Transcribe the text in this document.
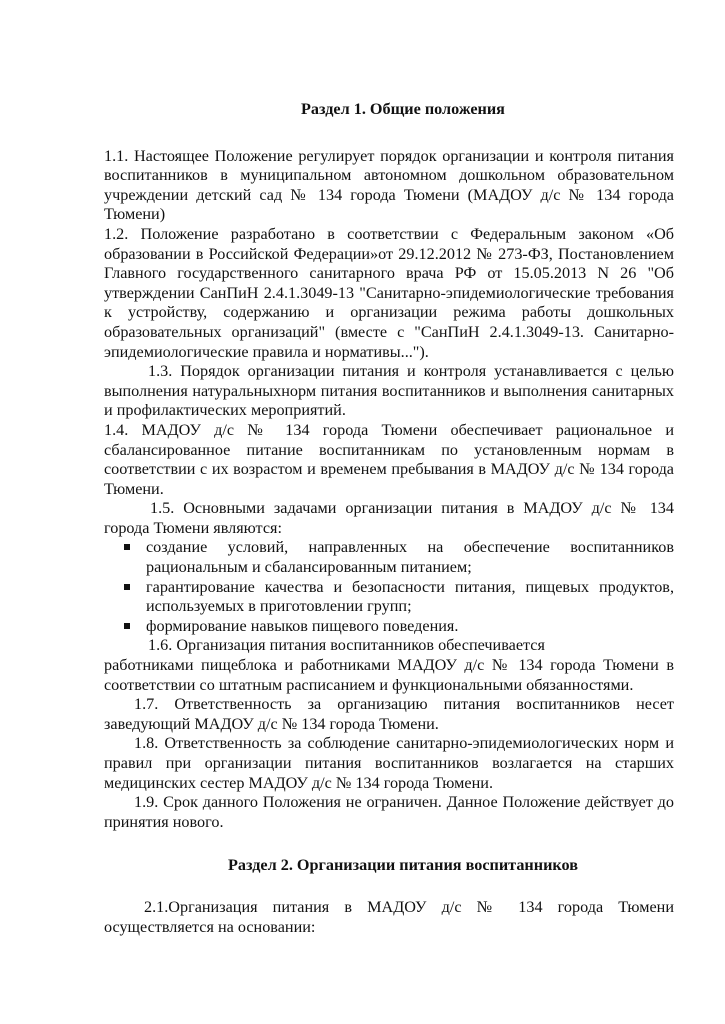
Раздел 1. Общие положения

1.1. Настоящее Положение регулирует порядок организации и контроля питания воспитанников в муниципальном автономном дошкольном образовательном учреждении детский сад № 134 города Тюмени (МАДОУ д/с № 134 города Тюмени)

1.2. Положение разработано в соответствии с Федеральным законом «Об образовании в Российской Федерации»от 29.12.2012 № 273-ФЗ, Постановлением Главного государственного санитарного врача РФ от 15.05.2013 N 26 "Об утверждении СанПиН 2.4.1.3049-13 "Санитарно-эпидемиологические требования к устройству, содержанию и организации режима работы дошкольных образовательных организаций" (вместе с "СанПиН 2.4.1.3049-13. Санитарно-эпидемиологические правила и нормативы...").

1.3. Порядок организации питания и контроля устанавливается с целью выполнения натуральныхнорм питания воспитанников и выполнения санитарных и профилактических мероприятий.

1.4. МАДОУ д/с № 134 города Тюмени обеспечивает рациональное и сбалансированное питание воспитанникам по установленным нормам в соответствии с их возрастом и временем пребывания в МАДОУ д/с № 134 города Тюмени.

1.5. Основными задачами организации питания в МАДОУ д/с № 134 города Тюмени являются:

создание условий, направленных на обеспечение воспитанников рациональным и сбалансированным питанием;
гарантирование качества и безопасности питания, пищевых продуктов, используемых в приготовлении групп;
формирование навыков пищевого поведения.

1.6. Организация питания воспитанников обеспечивается

работниками пищеблока и работниками МАДОУ д/с № 134 города Тюмени в соответствии со штатным расписанием и функциональными обязанностями.

1.7. Ответственность за организацию питания воспитанников несет заведующий МАДОУ д/с № 134 города Тюмени.

1.8. Ответственность за соблюдение санитарно-эпидемиологических норм и правил при организации питания воспитанников возлагается на старших медицинских сестер МАДОУ д/с № 134 города Тюмени.

1.9. Срок данного Положения не ограничен. Данное Положение действует до принятия нового.

Раздел 2. Организации питания воспитанников

2.1.Организация питания в МАДОУ д/с № 134 города Тюмени осуществляется на основании:
